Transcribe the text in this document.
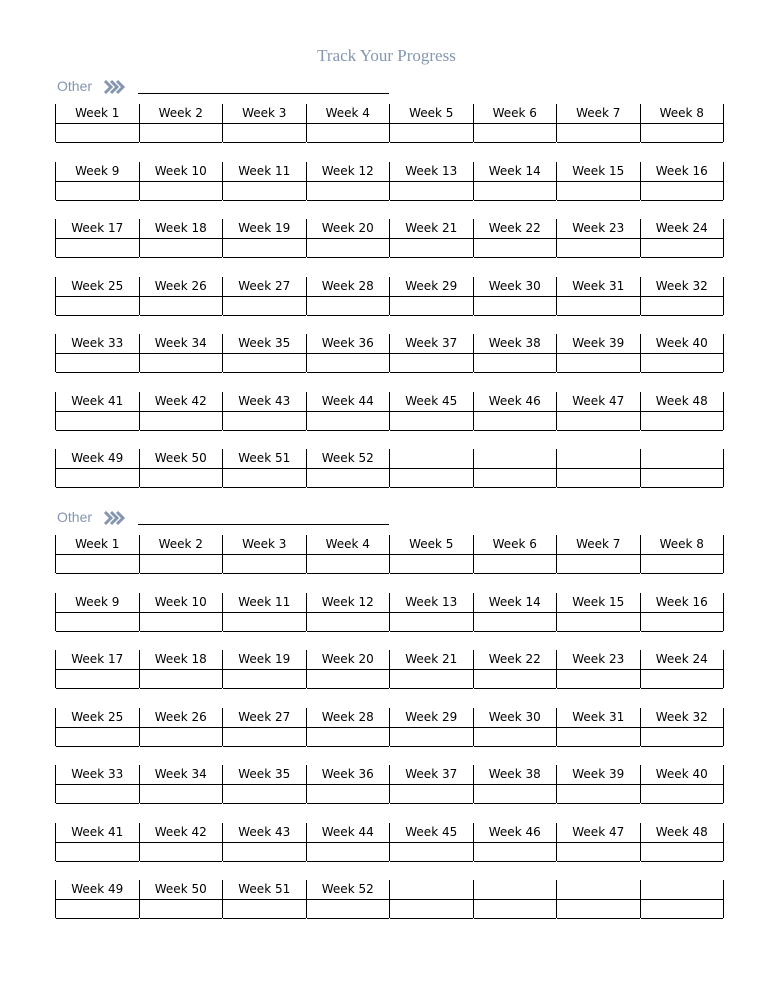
Track Your Progress
Other
Week 1	Week 2	Week 3	Week 4	Week 5	Week 6	Week 7	Week 8
Week 9	Week 10	Week 11	Week 12	Week 13	Week 14	Week 15	Week 16
Week 17	Week 18	Week 19	Week 20	Week 21	Week 22	Week 23	Week 24
Week 25	Week 26	Week 27	Week 28	Week 29	Week 30	Week 31	Week 32
Week 33	Week 34	Week 35	Week 36	Week 37	Week 38	Week 39	Week 40
Week 41	Week 42	Week 43	Week 44	Week 45	Week 46	Week 47	Week 48
Week 49	Week 50	Week 51	Week 52
Other
Week 1	Week 2	Week 3	Week 4	Week 5	Week 6	Week 7	Week 8
Week 9	Week 10	Week 11	Week 12	Week 13	Week 14	Week 15	Week 16
Week 17	Week 18	Week 19	Week 20	Week 21	Week 22	Week 23	Week 24
Week 25	Week 26	Week 27	Week 28	Week 29	Week 30	Week 31	Week 32
Week 33	Week 34	Week 35	Week 36	Week 37	Week 38	Week 39	Week 40
Week 41	Week 42	Week 43	Week 44	Week 45	Week 46	Week 47	Week 48
Week 49	Week 50	Week 51	Week 52
